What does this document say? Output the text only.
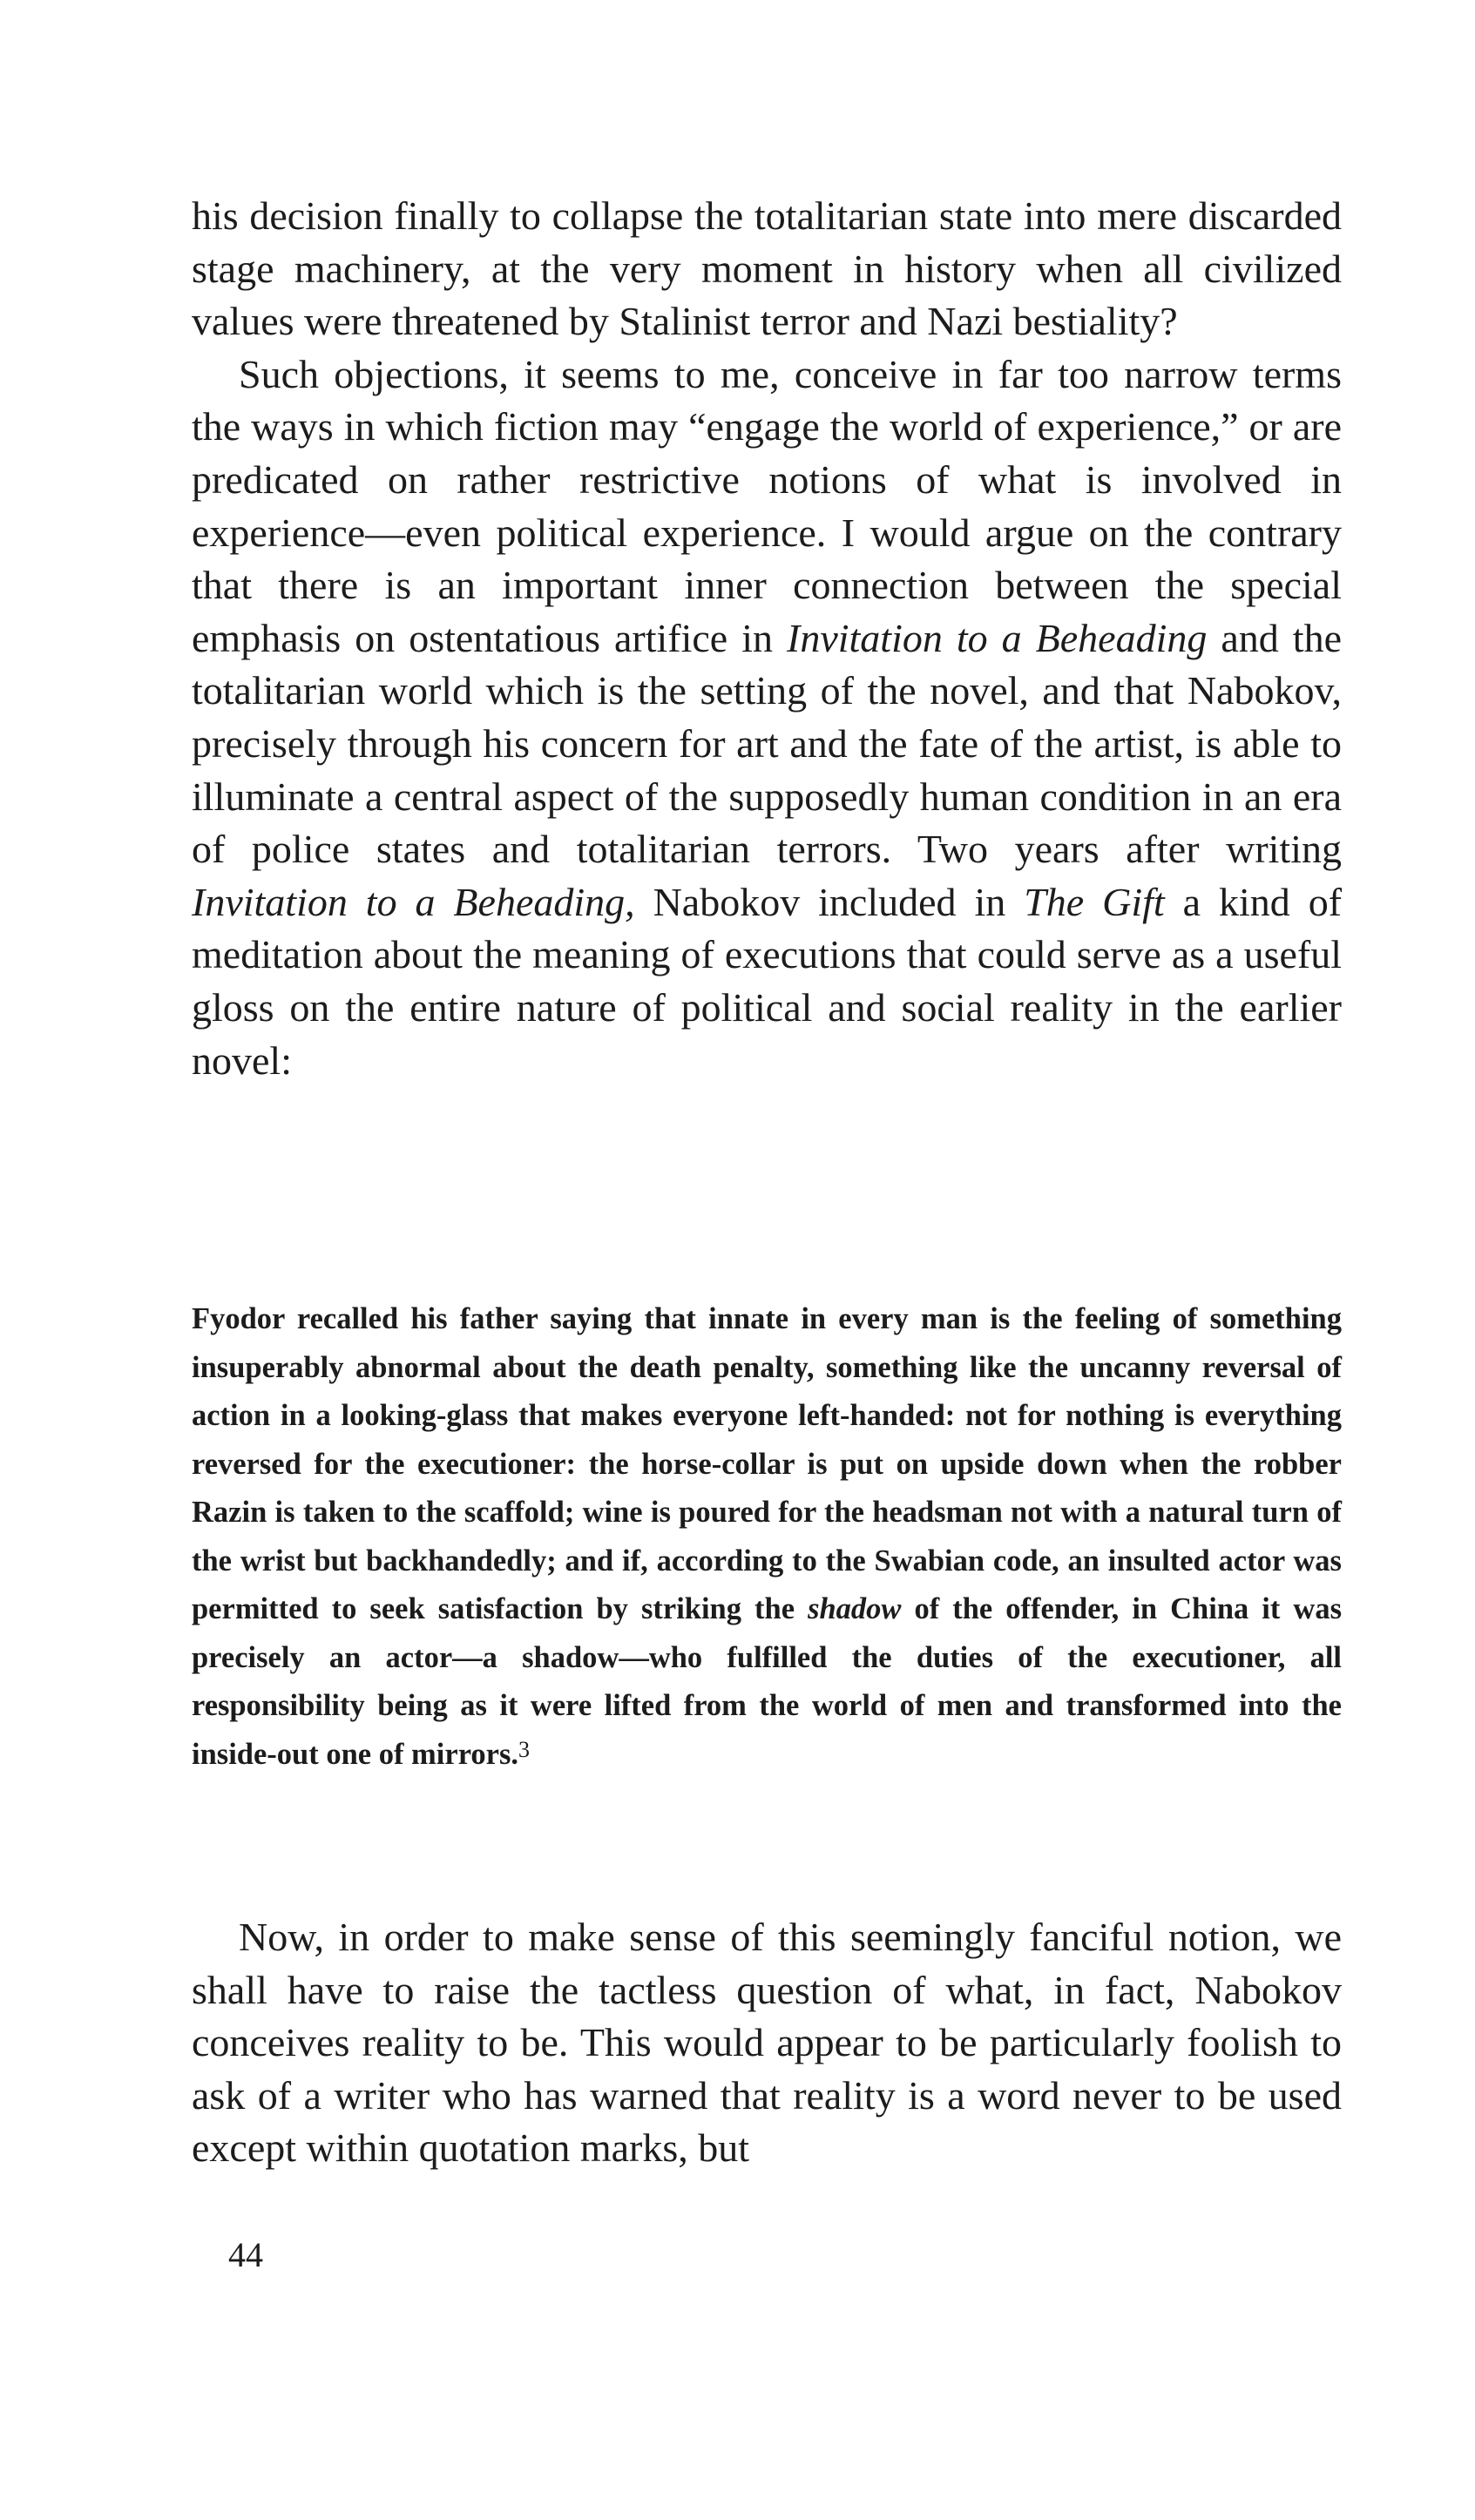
his decision finally to collapse the totalitarian state into mere discarded stage machinery, at the very moment in history when all civilized values were threatened by Stalinist terror and Nazi bestiality?

Such objections, it seems to me, conceive in far too narrow terms the ways in which fiction may “engage the world of experience,” or are predicated on rather restrictive notions of what is involved in experience—even political experience. I would argue on the contrary that there is an important inner connection between the special emphasis on ostentatious artifice in Invitation to a Beheading and the totalitarian world which is the setting of the novel, and that Nabokov, precisely through his concern for art and the fate of the artist, is able to illuminate a central aspect of the supposedly human condition in an era of police states and totalitarian terrors. Two years after writing Invitation to a Beheading, Nabokov included in The Gift a kind of meditation about the meaning of executions that could serve as a useful gloss on the entire nature of political and social reality in the earlier novel:

Fyodor recalled his father saying that innate in every man is the feeling of something insuperably abnormal about the death penalty, something like the uncanny reversal of action in a looking-glass that makes everyone left-handed: not for nothing is everything reversed for the executioner: the horse-collar is put on upside down when the robber Razin is taken to the scaffold; wine is poured for the headsman not with a natural turn of the wrist but backhandedly; and if, according to the Swabian code, an insulted actor was permitted to seek satisfaction by striking the shadow of the offender, in China it was precisely an actor—a shadow—who fulfilled the duties of the executioner, all responsibility being as it were lifted from the world of men and transformed into the inside-out one of mirrors.$^3$

Now, in order to make sense of this seemingly fanciful notion, we shall have to raise the tactless question of what, in fact, Nabokov conceives reality to be. This would appear to be particularly foolish to ask of a writer who has warned that reality is a word never to be used except within quotation marks, but

44
